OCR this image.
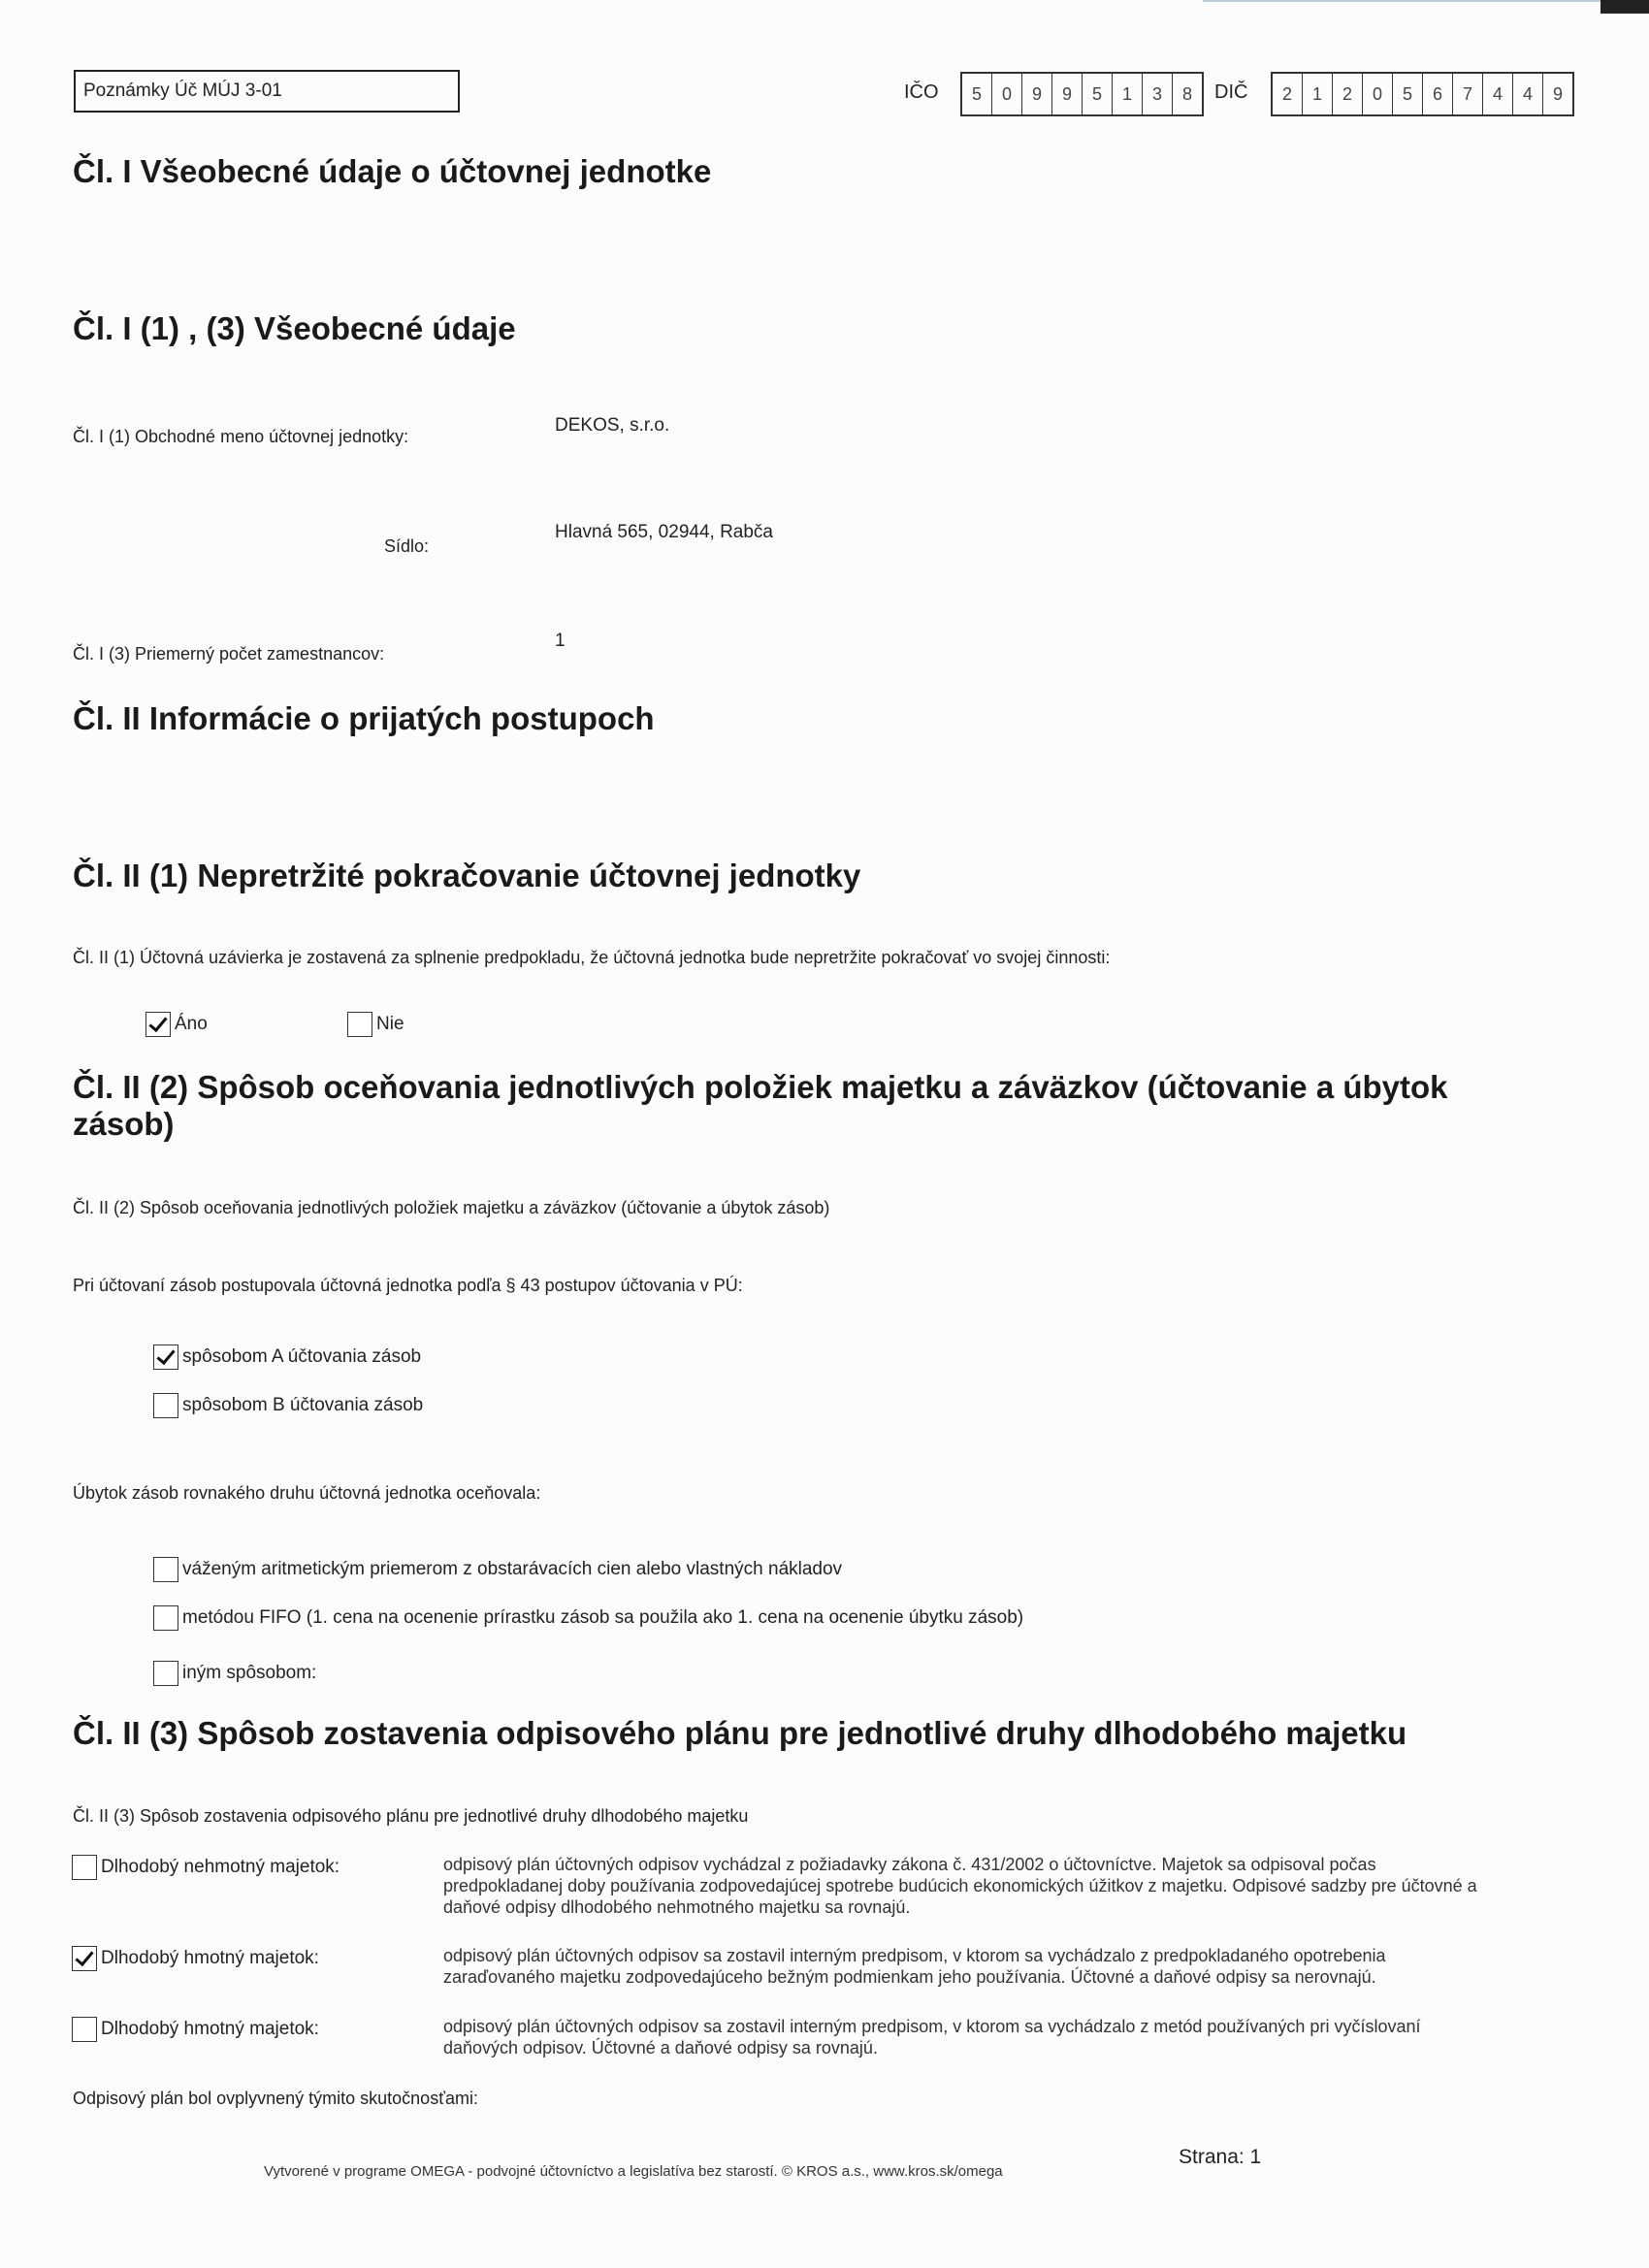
Poznámky Úč MÚJ 3-01	IČO	5	0	9	9	5	1	3	8	DIČ	2	1	2	0	5	6	7	4	4	9
Čl. I Všeobecné údaje o účtovnej jednotke
Čl. I (1) , (3) Všeobecné údaje
Čl. I (1) Obchodné meno účtovnej jednotky:
DEKOS, s.r.o.
Sídlo:
Hlavná 565, 02944, Rabča
Čl. I (3) Priemerný počet zamestnancov:
1
Čl. II Informácie o prijatých postupoch
Čl. II (1) Nepretržité pokračovanie účtovnej jednotky
Čl. II (1) Účtovná uzávierka je zostavená za splnenie predpokladu, že účtovná jednotka bude nepretržite pokračovať vo svojej činnosti:
Áno	Nie
Čl. II (2) Spôsob oceňovania jednotlivých položiek majetku a záväzkov (účtovanie a úbytok zásob)
Čl. II (2) Spôsob oceňovania jednotlivých položiek majetku a záväzkov (účtovanie a úbytok zásob)
Pri účtovaní zásob postupovala účtovná jednotka podľa § 43 postupov účtovania v PÚ:
spôsobom A účtovania zásob
spôsobom B účtovania zásob
Úbytok zásob rovnakého druhu účtovná jednotka oceňovala:
váženým aritmetickým priemerom z obstarávacích cien alebo vlastných nákladov
metódou FIFO (1. cena na ocenenie prírastku zásob sa použila ako 1. cena na ocenenie úbytku zásob)
iným spôsobom:
Čl. II (3) Spôsob zostavenia odpisového plánu pre jednotlivé druhy dlhodobého majetku
Čl. II (3) Spôsob zostavenia odpisového plánu pre jednotlivé druhy dlhodobého majetku
Dlhodobý nehmotný majetok:	odpisový plán účtovných odpisov vychádzal z požiadavky zákona č. 431/2002 o účtovníctve. Majetok sa odpisoval počas predpokladanej doby používania zodpovedajúcej spotrebe budúcich ekonomických úžitkov z majetku. Odpisové sadzby pre účtovné a daňové odpisy dlhodobého nehmotného majetku sa rovnajú.
Dlhodobý hmotný majetok:	odpisový plán účtovných odpisov sa zostavil interným predpisom, v ktorom sa vychádzalo z predpokladaného opotrebenia zaraďovaného majetku zodpovedajúceho bežným podmienkam jeho používania. Účtovné a daňové odpisy sa nerovnajú.
Dlhodobý hmotný majetok:	odpisový plán účtovných odpisov sa zostavil interným predpisom, v ktorom sa vychádzalo z metód používaných pri vyčíslovaní daňových odpisov. Účtovné a daňové odpisy sa rovnajú.
Odpisový plán bol ovplyvnený týmito skutočnosťami:
Vytvorené v programe OMEGA - podvojné účtovníctvo a legislatíva bez starostí. © KROS a.s., www.kros.sk/omega
Strana: 1
